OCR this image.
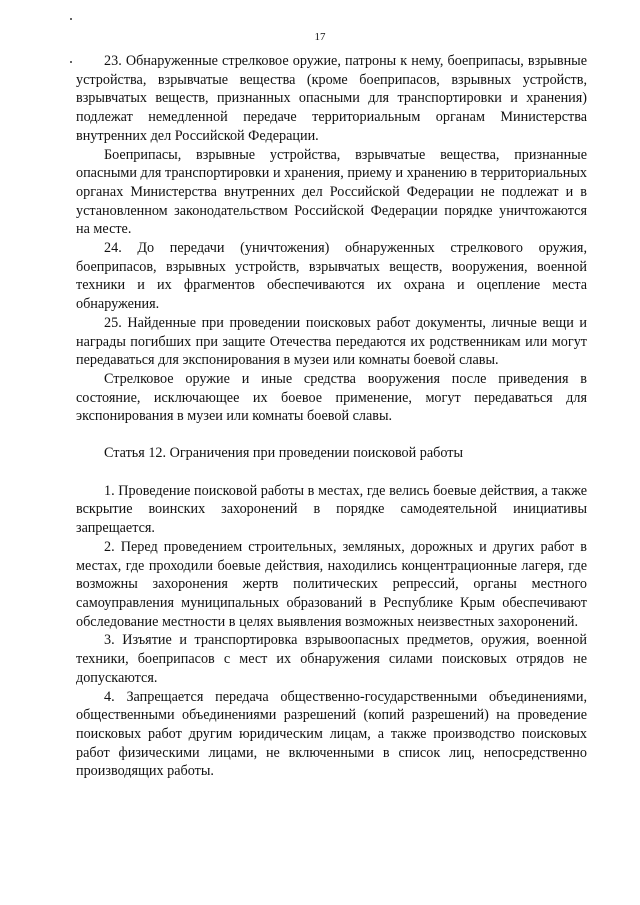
17

23. Обнаруженные стрелковое оружие, патроны к нему, боеприпасы, взрывные устройства, взрывчатые вещества (кроме боеприпасов, взрывных устройств, взрывчатых веществ, признанных опасными для транспортировки и хранения) подлежат немедленной передаче территориальным органам Министерства внутренних дел Российской Федерации.

Боеприпасы, взрывные устройства, взрывчатые вещества, признанные опасными для транспортировки и хранения, приему и хранению в территориальных органах Министерства внутренних дел Российской Федерации не подлежат и в установленном законодательством Российской Федерации порядке уничтожаются на месте.

24. До передачи (уничтожения) обнаруженных стрелкового оружия, боеприпасов, взрывных устройств, взрывчатых веществ, вооружения, военной техники и их фрагментов обеспечиваются их охрана и оцепление места обнаружения.

25. Найденные при проведении поисковых работ документы, личные вещи и награды погибших при защите Отечества передаются их родственникам или могут передаваться для экспонирования в музеи или комнаты боевой славы.

Стрелковое оружие и иные средства вооружения после приведения в состояние, исключающее их боевое применение, могут передаваться для экспонирования в музеи или комнаты боевой славы.

Статья 12. Ограничения при проведении поисковой работы

1. Проведение поисковой работы в местах, где велись боевые действия, а также вскрытие воинских захоронений в порядке самодеятельной инициативы запрещается.

2. Перед проведением строительных, земляных, дорожных и других работ в местах, где проходили боевые действия, находились концентрационные лагеря, где возможны захоронения жертв политических репрессий, органы местного самоуправления муниципальных образований в Республике Крым обеспечивают обследование местности в целях выявления возможных неизвестных захоронений.

3. Изъятие и транспортировка взрывоопасных предметов, оружия, военной техники, боеприпасов с мест их обнаружения силами поисковых отрядов не допускаются.

4. Запрещается передача общественно-государственными объединениями, общественными объединениями разрешений (копий разрешений) на проведение поисковых работ другим юридическим лицам, а также производство поисковых работ физическими лицами, не включенными в список лиц, непосредственно производящих работы.
